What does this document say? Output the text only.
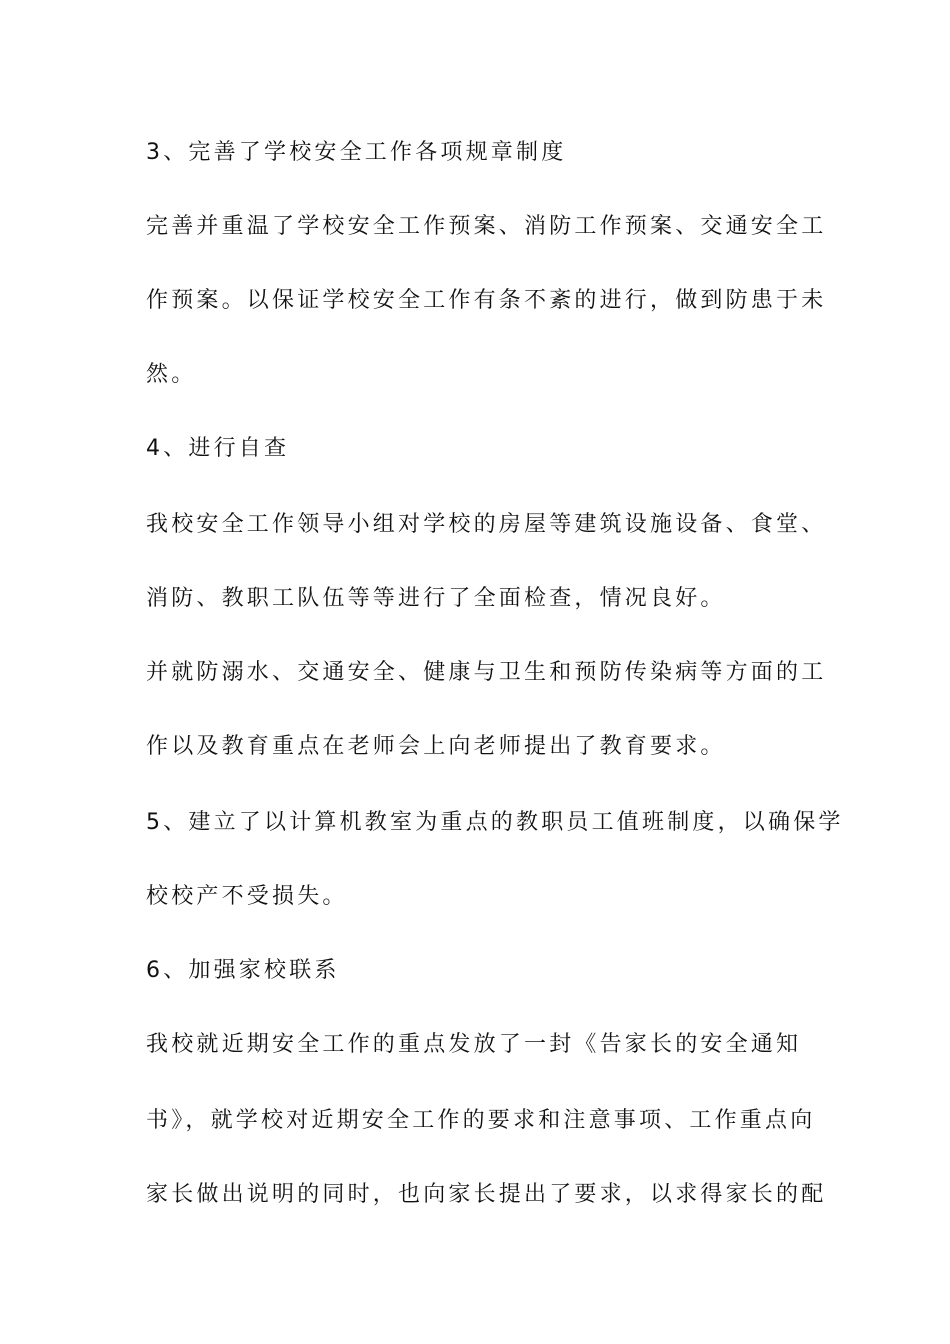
3、完善了学校安全工作各项规章制度
完善并重温了学校安全工作预案、消防工作预案、交通安全工
作预案。以保证学校安全工作有条不紊的进行，做到防患于未
然。
4、进行自查
我校安全工作领导小组对学校的房屋等建筑设施设备、食堂、
消防、教职工队伍等等进行了全面检查，情况良好。
并就防溺水、交通安全、健康与卫生和预防传染病等方面的工
作以及教育重点在老师会上向老师提出了教育要求。
5、建立了以计算机教室为重点的教职员工值班制度，以确保学
校校产不受损失。
6、加强家校联系
我校就近期安全工作的重点发放了一封《告家长的安全通知
书》，就学校对近期安全工作的要求和注意事项、工作重点向
家长做出说明的同时，也向家长提出了要求，以求得家长的配
